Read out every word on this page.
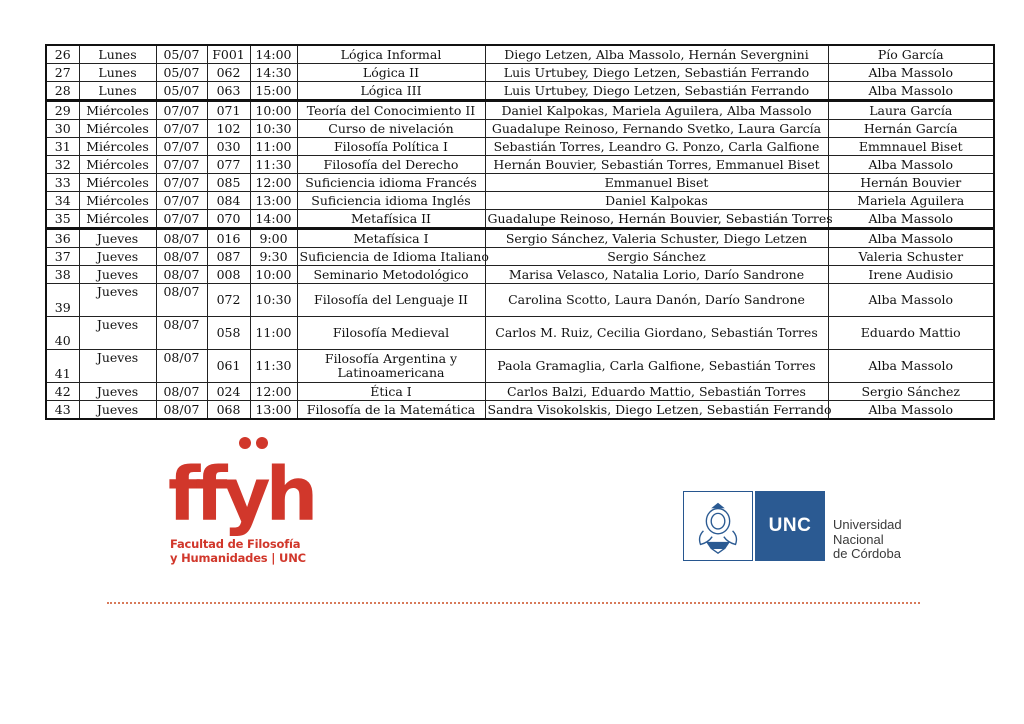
26	Lunes	05/07	F001	14:00	Lógica Informal	Diego Letzen, Alba Massolo, Hernán Severgnini	Pío García
27	Lunes	05/07	062	14:30	Lógica II	Luis Urtubey, Diego Letzen, Sebastián Ferrando	Alba Massolo
28	Lunes	05/07	063	15:00	Lógica III	Luis Urtubey, Diego Letzen, Sebastián Ferrando	Alba Massolo
29	Miércoles	07/07	071	10:00	Teoría del Conocimiento II	Daniel Kalpokas, Mariela Aguilera, Alba Massolo	Laura García
30	Miércoles	07/07	102	10:30	Curso de nivelación	Guadalupe Reinoso, Fernando Svetko, Laura García	Hernán García
31	Miércoles	07/07	030	11:00	Filosofía Política I	Sebastián Torres, Leandro G. Ponzo, Carla Galfione	Emmnauel Biset
32	Miércoles	07/07	077	11:30	Filosofía del Derecho	Hernán Bouvier, Sebastián Torres, Emmanuel Biset	Alba Massolo
33	Miércoles	07/07	085	12:00	Suficiencia idioma Francés	Emmanuel Biset	Hernán Bouvier
34	Miércoles	07/07	084	13:00	Suficiencia idioma Inglés	Daniel Kalpokas	Mariela Aguilera
35	Miércoles	07/07	070	14:00	Metafísica II	Guadalupe Reinoso, Hernán Bouvier, Sebastián Torres	Alba Massolo
36	Jueves	08/07	016	9:00	Metafísica I	Sergio Sánchez, Valeria Schuster, Diego Letzen	Alba Massolo
37	Jueves	08/07	087	9:30	Suficiencia de Idioma Italiano	Sergio Sánchez	Valeria Schuster
38	Jueves	08/07	008	10:00	Seminario Metodológico	Marisa Velasco, Natalia Lorio, Darío Sandrone	Irene Audisio
39	Jueves	08/07	072	10:30	Filosofía del Lenguaje II	Carolina Scotto, Laura Danón, Darío Sandrone	Alba Massolo
40	Jueves	08/07	058	11:00	Filosofía Medieval	Carlos M. Ruiz, Cecilia Giordano, Sebastián Torres	Eduardo Mattio
41	Jueves	08/07	061	11:30	Filosofía Argentina y Latinoamericana	Paola Gramaglia, Carla Galfione, Sebastián Torres	Alba Massolo
42	Jueves	08/07	024	12:00	Ética I	Carlos Balzi, Eduardo Mattio, Sebastián Torres	Sergio Sánchez
43	Jueves	08/07	068	13:00	Filosofía de la Matemática	Sandra Visokolskis, Diego Letzen, Sebastián Ferrando	Alba Massolo
ffyh
Facultad de Filosofía
y Humanidades | UNC
UNC	Universidad
Nacional
de Córdoba
